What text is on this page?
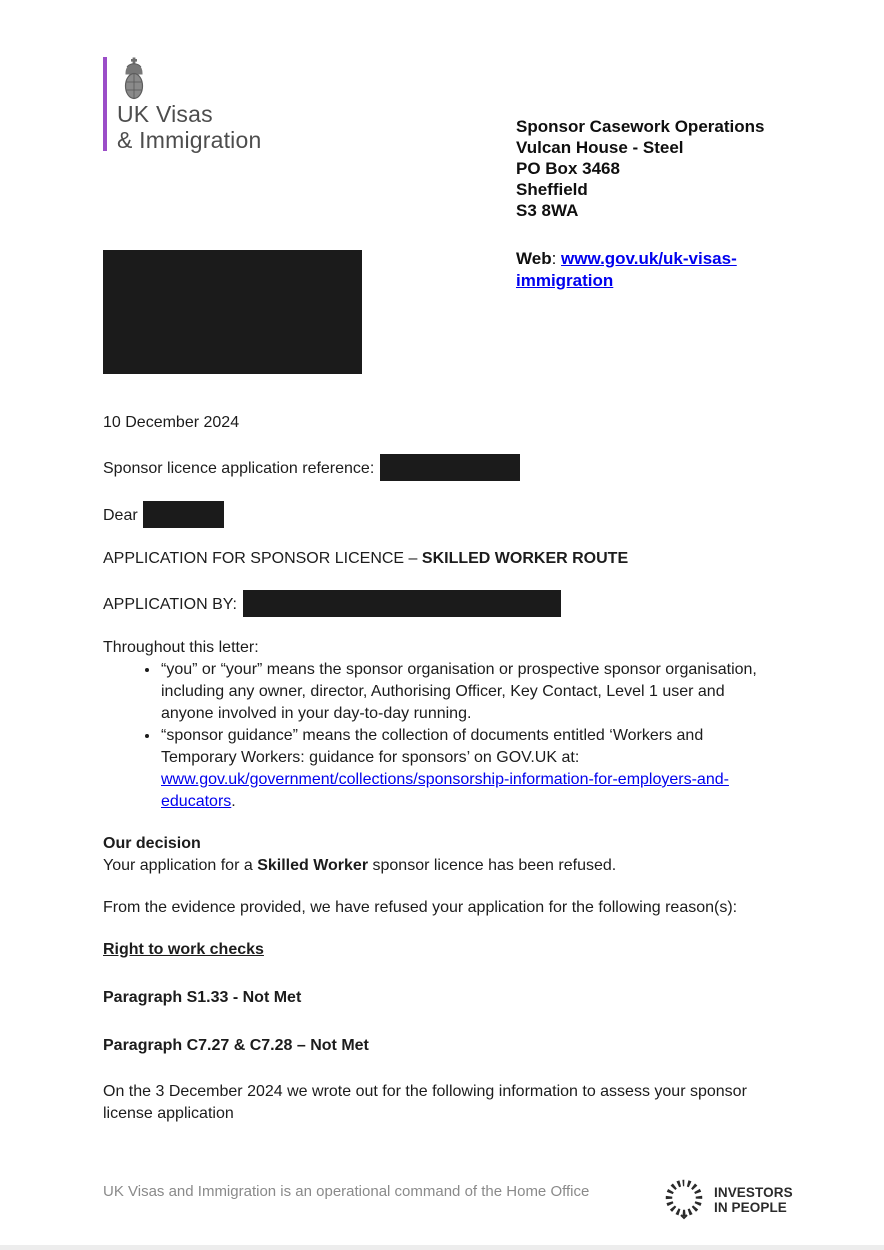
UK Visas
& Immigration
Sponsor Casework Operations
Vulcan House - Steel
PO Box 3468
Sheffield
S3 8WA
Web: www.gov.uk/uk-visas-immigration

10 December 2024

Sponsor licence application reference:

Dear

APPLICATION FOR SPONSOR LICENCE – SKILLED WORKER ROUTE

APPLICATION BY:

Throughout this letter:

• “you” or “your” means the sponsor organisation or prospective sponsor organisation, including any owner, director, Authorising Officer, Key Contact, Level 1 user and anyone involved in your day-to-day running.
• “sponsor guidance” means the collection of documents entitled ‘Workers and Temporary Workers: guidance for sponsors’ on GOV.UK at: www.gov.uk/government/collections/sponsorship-information-for-employers-and-educators.

Our decision

Your application for a Skilled Worker sponsor licence has been refused.

From the evidence provided, we have refused your application for the following reason(s):

Right to work checks

Paragraph S1.33 - Not Met

Paragraph C7.27 & C7.28 – Not Met

On the 3 December 2024 we wrote out for the following information to assess your sponsor license application

UK Visas and Immigration is an operational command of the Home Office	INVESTORS
IN PEOPLE
